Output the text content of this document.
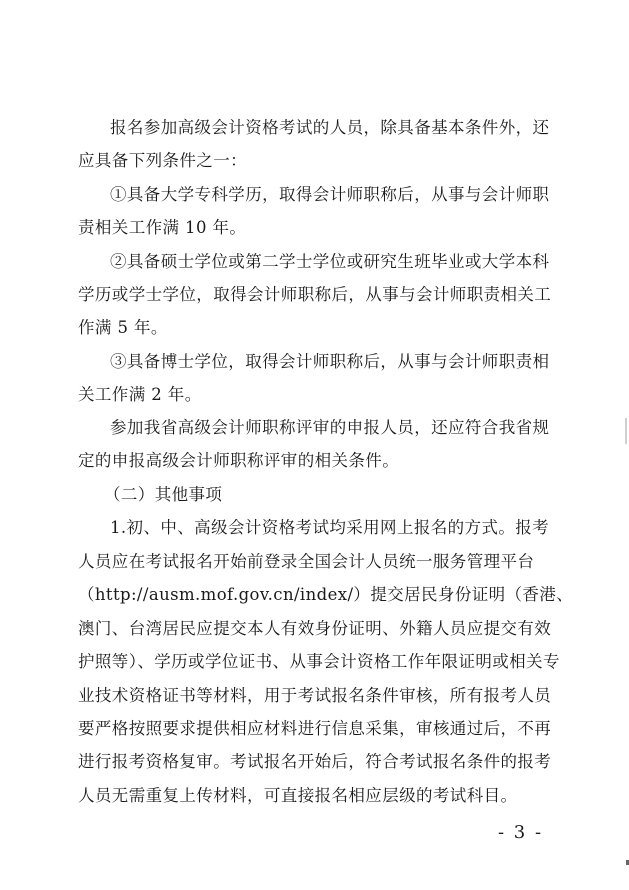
报名参加高级会计资格考试的人员，除具备基本条件外，还
应具备下列条件之一：
①具备大学专科学历，取得会计师职称后，从事与会计师职
责相关工作满 10 年。
②具备硕士学位或第二学士学位或研究生班毕业或大学本科
学历或学士学位，取得会计师职称后，从事与会计师职责相关工
作满 5 年。
③具备博士学位，取得会计师职称后，从事与会计师职责相
关工作满 2 年。
参加我省高级会计师职称评审的申报人员，还应符合我省规
定的申报高级会计师职称评审的相关条件。
（二）其他事项
1.初、中、高级会计资格考试均采用网上报名的方式。报考
人员应在考试报名开始前登录全国会计人员统一服务管理平台
（http://ausm.mof.gov.cn/index/）提交居民身份证明（香港、
澳门、台湾居民应提交本人有效身份证明、外籍人员应提交有效
护照等）、学历或学位证书、从事会计资格工作年限证明或相关专
业技术资格证书等材料，用于考试报名条件审核，所有报考人员
要严格按照要求提供相应材料进行信息采集，审核通过后，不再
进行报考资格复审。考试报名开始后，符合考试报名条件的报考
人员无需重复上传材料，可直接报名相应层级的考试科目。
- 3 -
